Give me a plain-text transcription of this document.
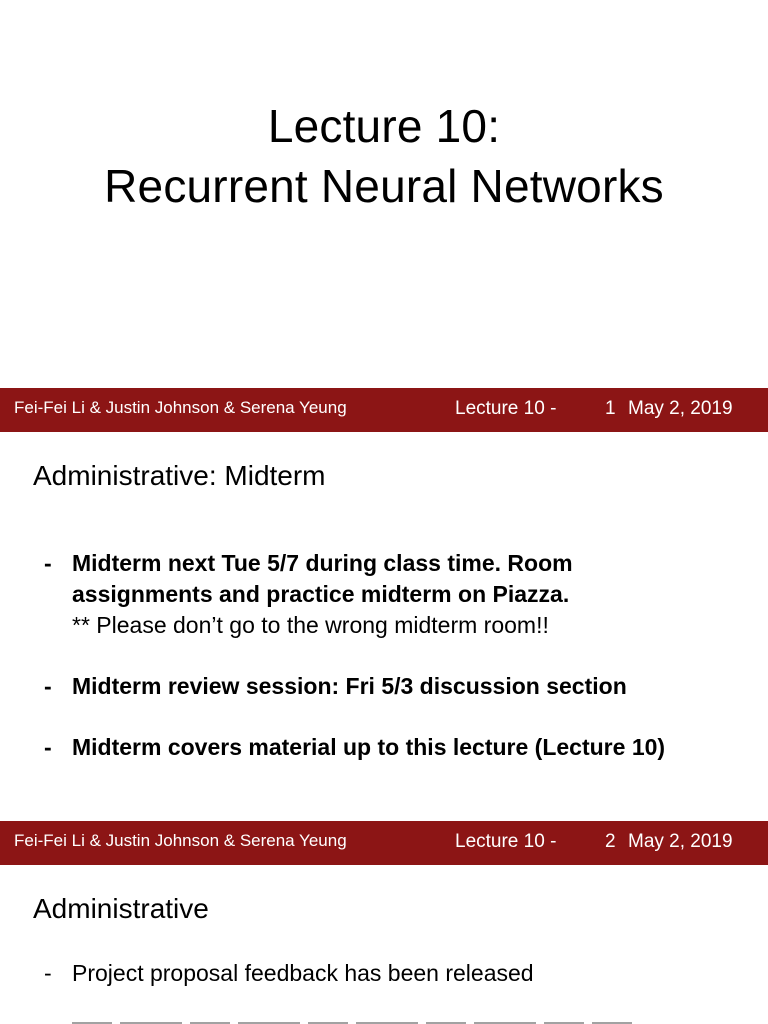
Lecture 10:
Recurrent Neural Networks
Fei-Fei Li & Justin Johnson & Serena Yeung	Lecture 10 -	1 May 2, 2019
Administrative: Midterm
- Midterm next Tue 5/7 during class time. Room
assignments and practice midterm on Piazza.
** Please don’t go to the wrong midterm room!!
- Midterm review session: Fri 5/3 discussion section
- Midterm covers material up to this lecture (Lecture 10)
Fei-Fei Li & Justin Johnson & Serena Yeung	Lecture 10 -	2 May 2, 2019
Administrative
- Project proposal feedback has been released
